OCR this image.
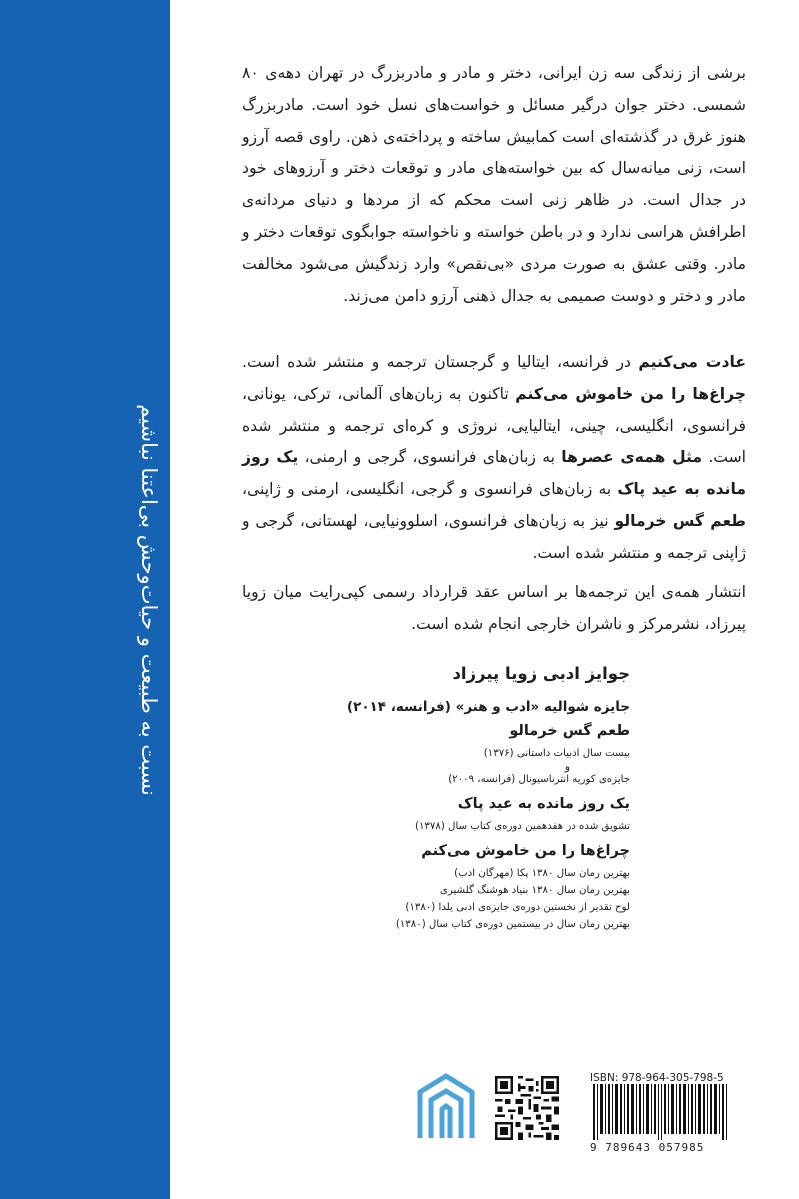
نسبت به طبیعت و حیات‌وحش بی‌اعتنا نباشیم

برشی از زندگی سه زن ایرانی، دختر و مادر و مادربزرگ در تهران دهه‌ی ۸۰ شمسی. دختر جوان درگیر مسائل و خواست‌های نسل خود است. مادربزرگ هنوز غرق در گذشته‌ای است کمابیش ساخته و پرداخته‌ی ذهن. راوی قصه آرزو است، زنی میانه‌سال که بین خواسته‌های مادر و توقعات دختر و آرزوهای خود در جدال است. در ظاهر زنی است محکم که از مردها و دنیای مردانه‌ی اطرافش هراسی ندارد و در باطن خواسته و ناخواسته جوابگوی توقعات دختر و مادر. وقتی عشق به صورت مردی «بی‌نقص» وارد زندگیش می‌شود مخالفت مادر و دختر و دوست صمیمی به جدال ذهنی آرزو دامن می‌زند.

عادت می‌کنیم در فرانسه، ایتالیا و گرجستان ترجمه و منتشر شده است. چراغ‌ها را من خاموش می‌کنم تاکنون به زبان‌های آلمانی، ترکی، یونانی، فرانسوی، انگلیسی، چینی، ایتالیایی، نروژی و کره‌ای ترجمه و منتشر شده است. مثل همه‌ی عصرها به زبان‌های فرانسوی، گرجی و ارمنی، یک روز مانده به عید پاک به زبان‌های فرانسوی و گرجی، انگلیسی، ارمنی و ژاپنی، طعم گس خرمالو نیز به زبان‌های فرانسوی، اسلوونیایی، لهستانی، گرجی و ژاپنی ترجمه و منتشر شده است.

انتشار همه‌ی این ترجمه‌ها بر اساس عقد قرارداد رسمی کپی‌رایت میان زویا پیرزاد، نشرمرکز و ناشران خارجی انجام شده است.

جوایز ادبی زویا پیرزاد
جایزه شوالیه «ادب و هنر» (فرانسه، ۲۰۱۴)
طعم گس خرمالو
بیست سال ادبیات داستانی (۱۳۷۶)
و
جایزه‌ی کوریه انترناسیونال (فرانسه، ۲۰۰۹)
یک روز مانده به عید پاک
تشویق شده در هفدهمین دوره‌ی کتاب سال (۱۳۷۸)
چراغ‌ها را من خاموش می‌کنم
بهترین رمان سال ۱۳۸۰ پکا (مهرگان ادب)
بهترین رمان سال ۱۳۸۰ بنیاد هوشنگ گلشیری
لوح تقدیر از نخستین دوره‌ی جایزه‌ی ادبی یلدا (۱۳۸۰)
بهترین رمان سال در بیستمین دوره‌ی کتاب سال (۱۳۸۰)
ISBN: 978-964-305-798-5
9 789643 057985
